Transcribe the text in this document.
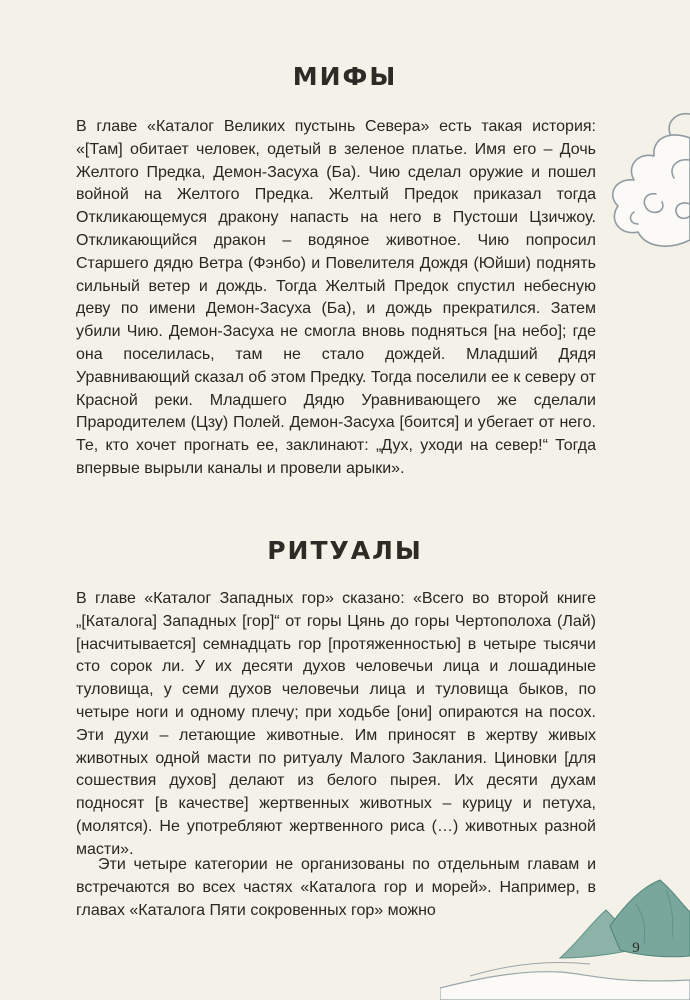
МИФЫ

В главе «Каталог Великих пустынь Севера» есть такая история: «[Там] обитает человек, одетый в зеленое платье. Имя его – Дочь Желтого Предка, Демон-Засуха (Ба). Чию сделал оружие и пошел войной на Желтого Предка. Желтый Предок приказал тогда Откликающемуся дракону напасть на него в Пустоши Цзичжоу. Откликающийся дракон – водяное животное. Чию попросил Старшего дядю Ветра (Фэнбо) и Повелителя Дождя (Юйши) поднять сильный ветер и дождь. Тогда Желтый Предок спустил небесную деву по имени Демон-Засуха (Ба), и дождь прекратился. Затем убили Чию. Демон-Засуха не смогла вновь подняться [на небо]; где она поселилась, там не стало дождей. Младший Дядя Уравнивающий сказал об этом Предку. Тогда поселили ее к северу от Красной реки. Младшего Дядю Уравнивающего же сделали Прародителем (Цзу) Полей. Демон-Засуха [боится] и убегает от него. Те, кто хочет прогнать ее, заклинают: „Дух, уходи на север!“ Тогда впервые вырыли каналы и провели арыки».

РИТУАЛЫ

В главе «Каталог Западных гор» сказано: «Всего во второй книге „[Каталога] Западных [гор]“ от горы Цянь до горы Чертополоха (Лай) [насчитывается] семнадцать гор [протяженностью] в четыре тысячи сто сорок ли. У их десяти духов человечьи лица и лошадиные туловища, у семи духов человечьи лица и туловища быков, по четыре ноги и одному плечу; при ходьбе [они] опираются на посох. Эти духи – летающие животные. Им приносят в жертву живых животных одной масти по ритуалу Малого Заклания. Циновки [для сошествия духов] делают из белого пырея. Их десяти духам подносят [в качестве] жертвенных животных – курицу и петуха, (молятся). Не употребляют жертвенного риса (…) животных разной масти».

Эти четыре категории не организованы по отдельным главам и встречаются во всех частях «Каталога гор и морей». Например, в главах «Каталога Пяти сокровенных гор» можно

9
